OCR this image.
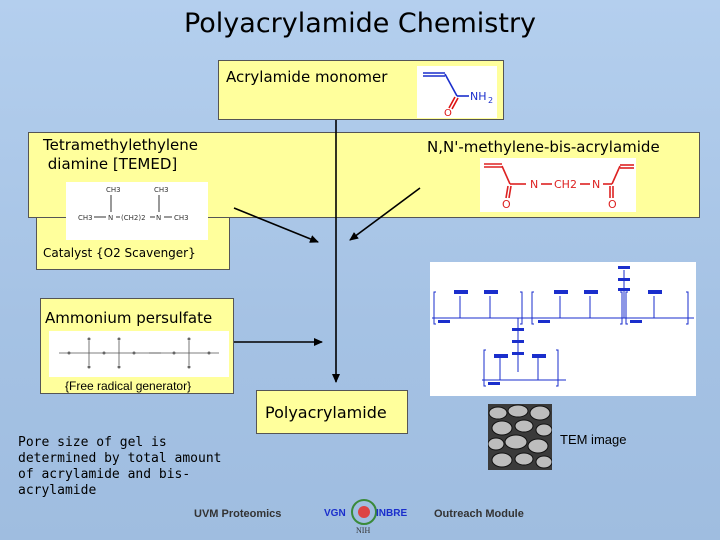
Polyacrylamide Chemistry
Acrylamide monomer
NH 2
O
Tetramethylethylene
diamine [TEMED]
N,N'-methylene-bis-acrylamide
Catalyst {O2 Scavenger}
CH3	CH3
CH3 N (CH2)2 N CH3
N CH2 N
O	O
Ammonium persulfate
{Free radical generator}
Polyacrylamide
TEM image
Pore size of gel is determined by total amount of acrylamide and bis-acrylamide
UVM Proteomics	VGN	INBRE
NIH
Outreach Module
